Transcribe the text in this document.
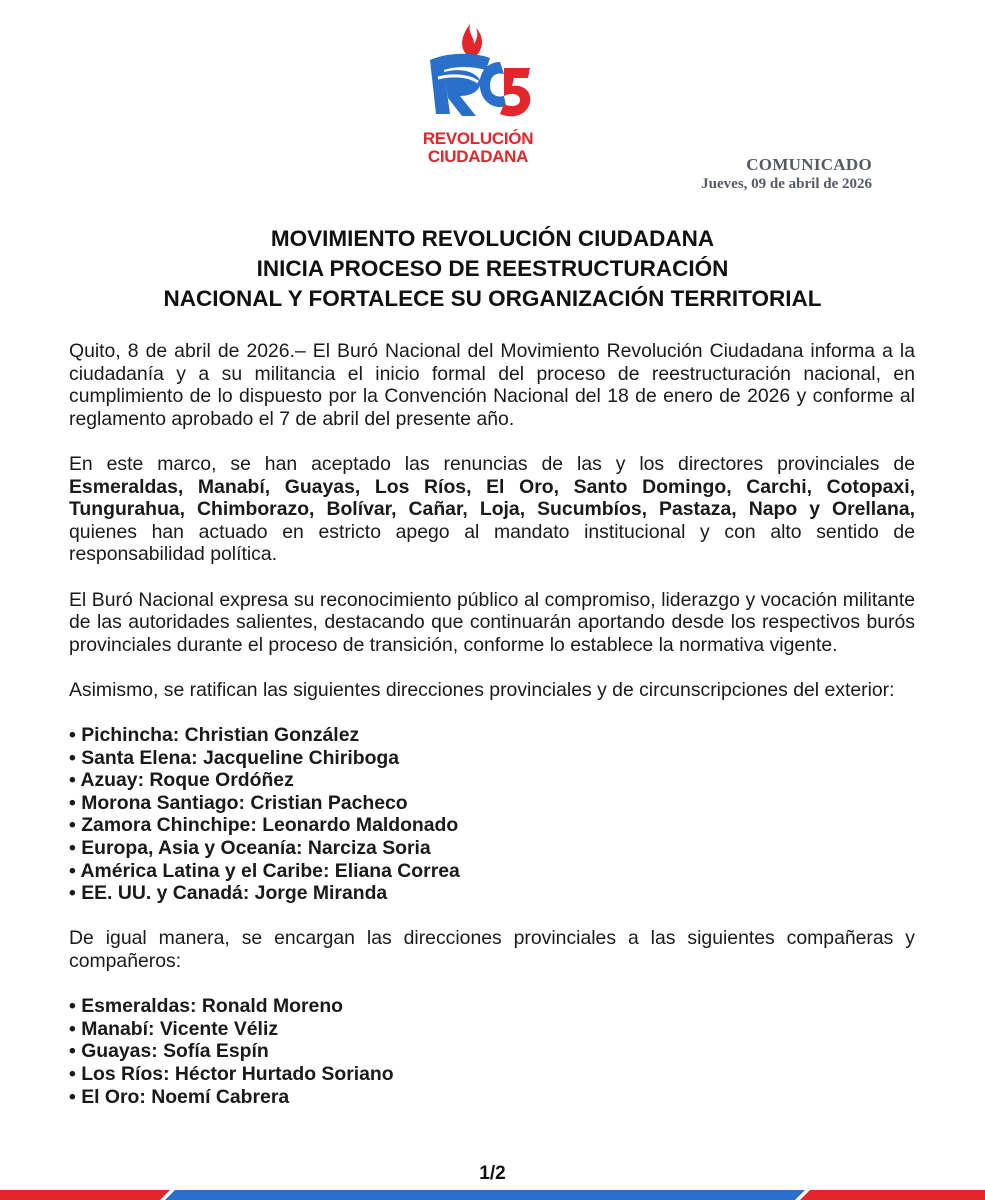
REVOLUCIÓN
CIUDADANA	COMUNICADO
Jueves, 09 de abril de 2026
MOVIMIENTO REVOLUCIÓN CIUDADANA
INICIA PROCESO DE REESTRUCTURACIÓN
NACIONAL Y FORTALECE SU ORGANIZACIÓN TERRITORIAL

Quito, 8 de abril de 2026.– El Buró Nacional del Movimiento Revolución Ciudadana informa a la ciudadanía y a su militancia el inicio formal del proceso de reestructuración nacional, en cumplimiento de lo dispuesto por la Convención Nacional del 18 de enero de 2026 y conforme al reglamento aprobado el 7 de abril del presente año.

En este marco, se han aceptado las renuncias de las y los directores provinciales de Esmeraldas, Manabí, Guayas, Los Ríos, El Oro, Santo Domingo, Carchi, Cotopaxi, Tungurahua, Chimborazo, Bolívar, Cañar, Loja, Sucumbíos, Pastaza, Napo y Orellana, quienes han actuado en estricto apego al mandato institucional y con alto sentido de responsabilidad política.

El Buró Nacional expresa su reconocimiento público al compromiso, liderazgo y vocación militante de las autoridades salientes, destacando que continuarán aportando desde los respectivos burós provinciales durante el proceso de transición, conforme lo establece la normativa vigente.

Asimismo, se ratifican las siguientes direcciones provinciales y de circunscripciones del exterior:

• Pichincha: Christian González
• Santa Elena: Jacqueline Chiriboga
• Azuay: Roque Ordóñez
• Morona Santiago: Cristian Pacheco
• Zamora Chinchipe: Leonardo Maldonado
• Europa, Asia y Oceanía: Narciza Soria
• América Latina y el Caribe: Eliana Correa
• EE. UU. y Canadá: Jorge Miranda

De igual manera, se encargan las direcciones provinciales a las siguientes compañeras y compañeros:

• Esmeraldas: Ronald Moreno
• Manabí: Vicente Véliz
• Guayas: Sofía Espín
• Los Ríos: Héctor Hurtado Soriano
• El Oro: Noemí Cabrera
1/2
